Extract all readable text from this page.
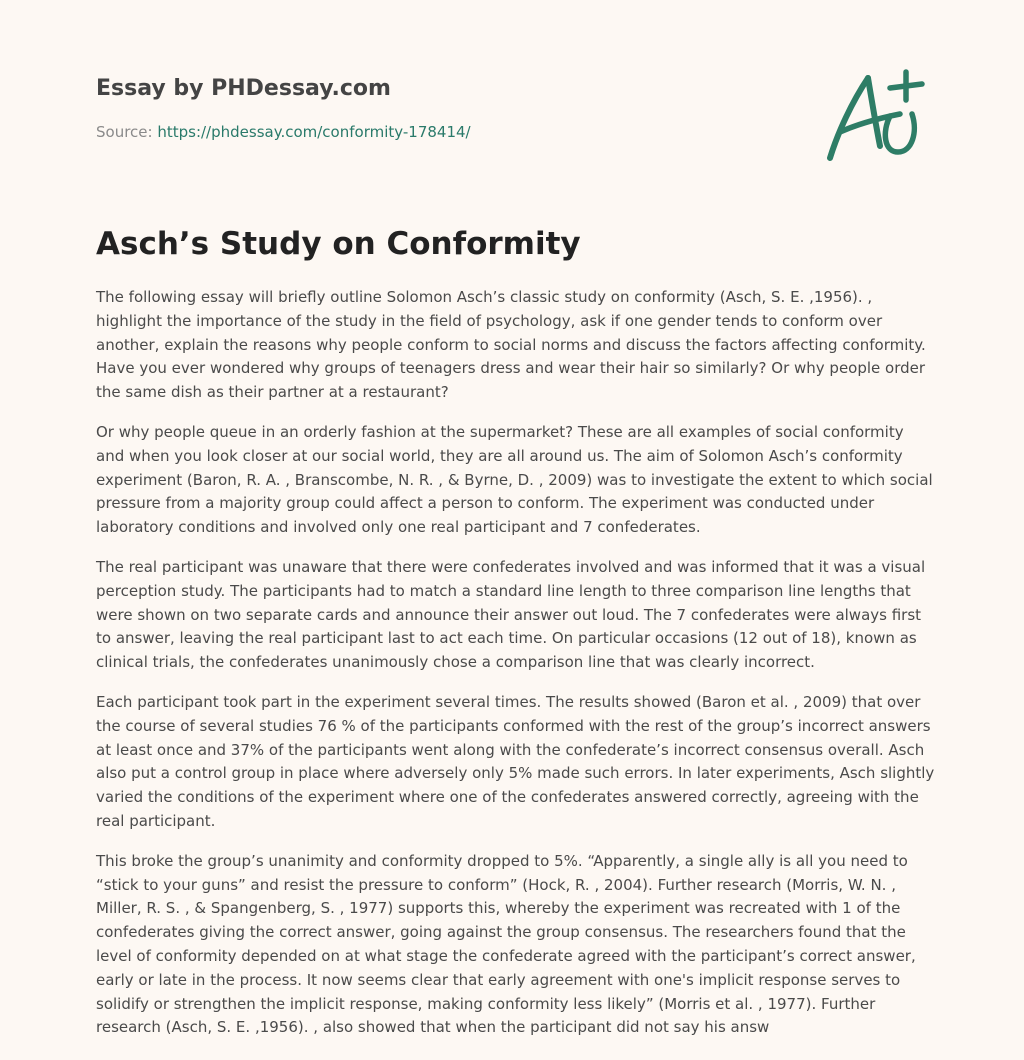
Essay by PHDessay.com
Source: https://phdessay.com/conformity-178414/
Asch’s Study on Conformity

The following essay will briefly outline Solomon Asch’s classic study on conformity (Asch, S. E. ,1956). , highlight the importance of the study in the field of psychology, ask if one gender tends to conform over another, explain the reasons why people conform to social norms and discuss the factors affecting conformity. Have you ever wondered why groups of teenagers dress and wear their hair so similarly? Or why people order the same dish as their partner at a restaurant?

Or why people queue in an orderly fashion at the supermarket? These are all examples of social conformity and when you look closer at our social world, they are all around us. The aim of Solomon Asch’s conformity experiment (Baron, R. A. , Branscombe, N. R. , & Byrne, D. , 2009) was to investigate the extent to which social pressure from a majority group could affect a person to conform. The experiment was conducted under laboratory conditions and involved only one real participant and 7 confederates.

The real participant was unaware that there were confederates involved and was informed that it was a visual perception study. The participants had to match a standard line length to three comparison line lengths that were shown on two separate cards and announce their answer out loud. The 7 confederates were always first to answer, leaving the real participant last to act each time. On particular occasions (12 out of 18), known as clinical trials, the confederates unanimously chose a comparison line that was clearly incorrect.

Each participant took part in the experiment several times. The results showed (Baron et al. , 2009) that over the course of several studies 76 % of the participants conformed with the rest of the group’s incorrect answers at least once and 37% of the participants went along with the confederate’s incorrect consensus overall. Asch also put a control group in place where adversely only 5% made such errors. In later experiments, Asch slightly varied the conditions of the experiment where one of the confederates answered correctly, agreeing with the real participant.

This broke the group’s unanimity and conformity dropped to 5%. “Apparently, a single ally is all you need to “stick to your guns” and resist the pressure to conform” (Hock, R. , 2004). Further research (Morris, W. N. , Miller, R. S. , & Spangenberg, S. , 1977) supports this, whereby the experiment was recreated with 1 of the confederates giving the correct answer, going against the group consensus. The researchers found that the level of conformity depended on at what stage the confederate agreed with the participant’s correct answer, early or late in the process. It now seems clear that early agreement with one's implicit response serves to solidify or strengthen the implicit response, making conformity less likely” (Morris et al. , 1977). Further research (Asch, S. E. ,1956). , also showed that when the participant did not say his answ
